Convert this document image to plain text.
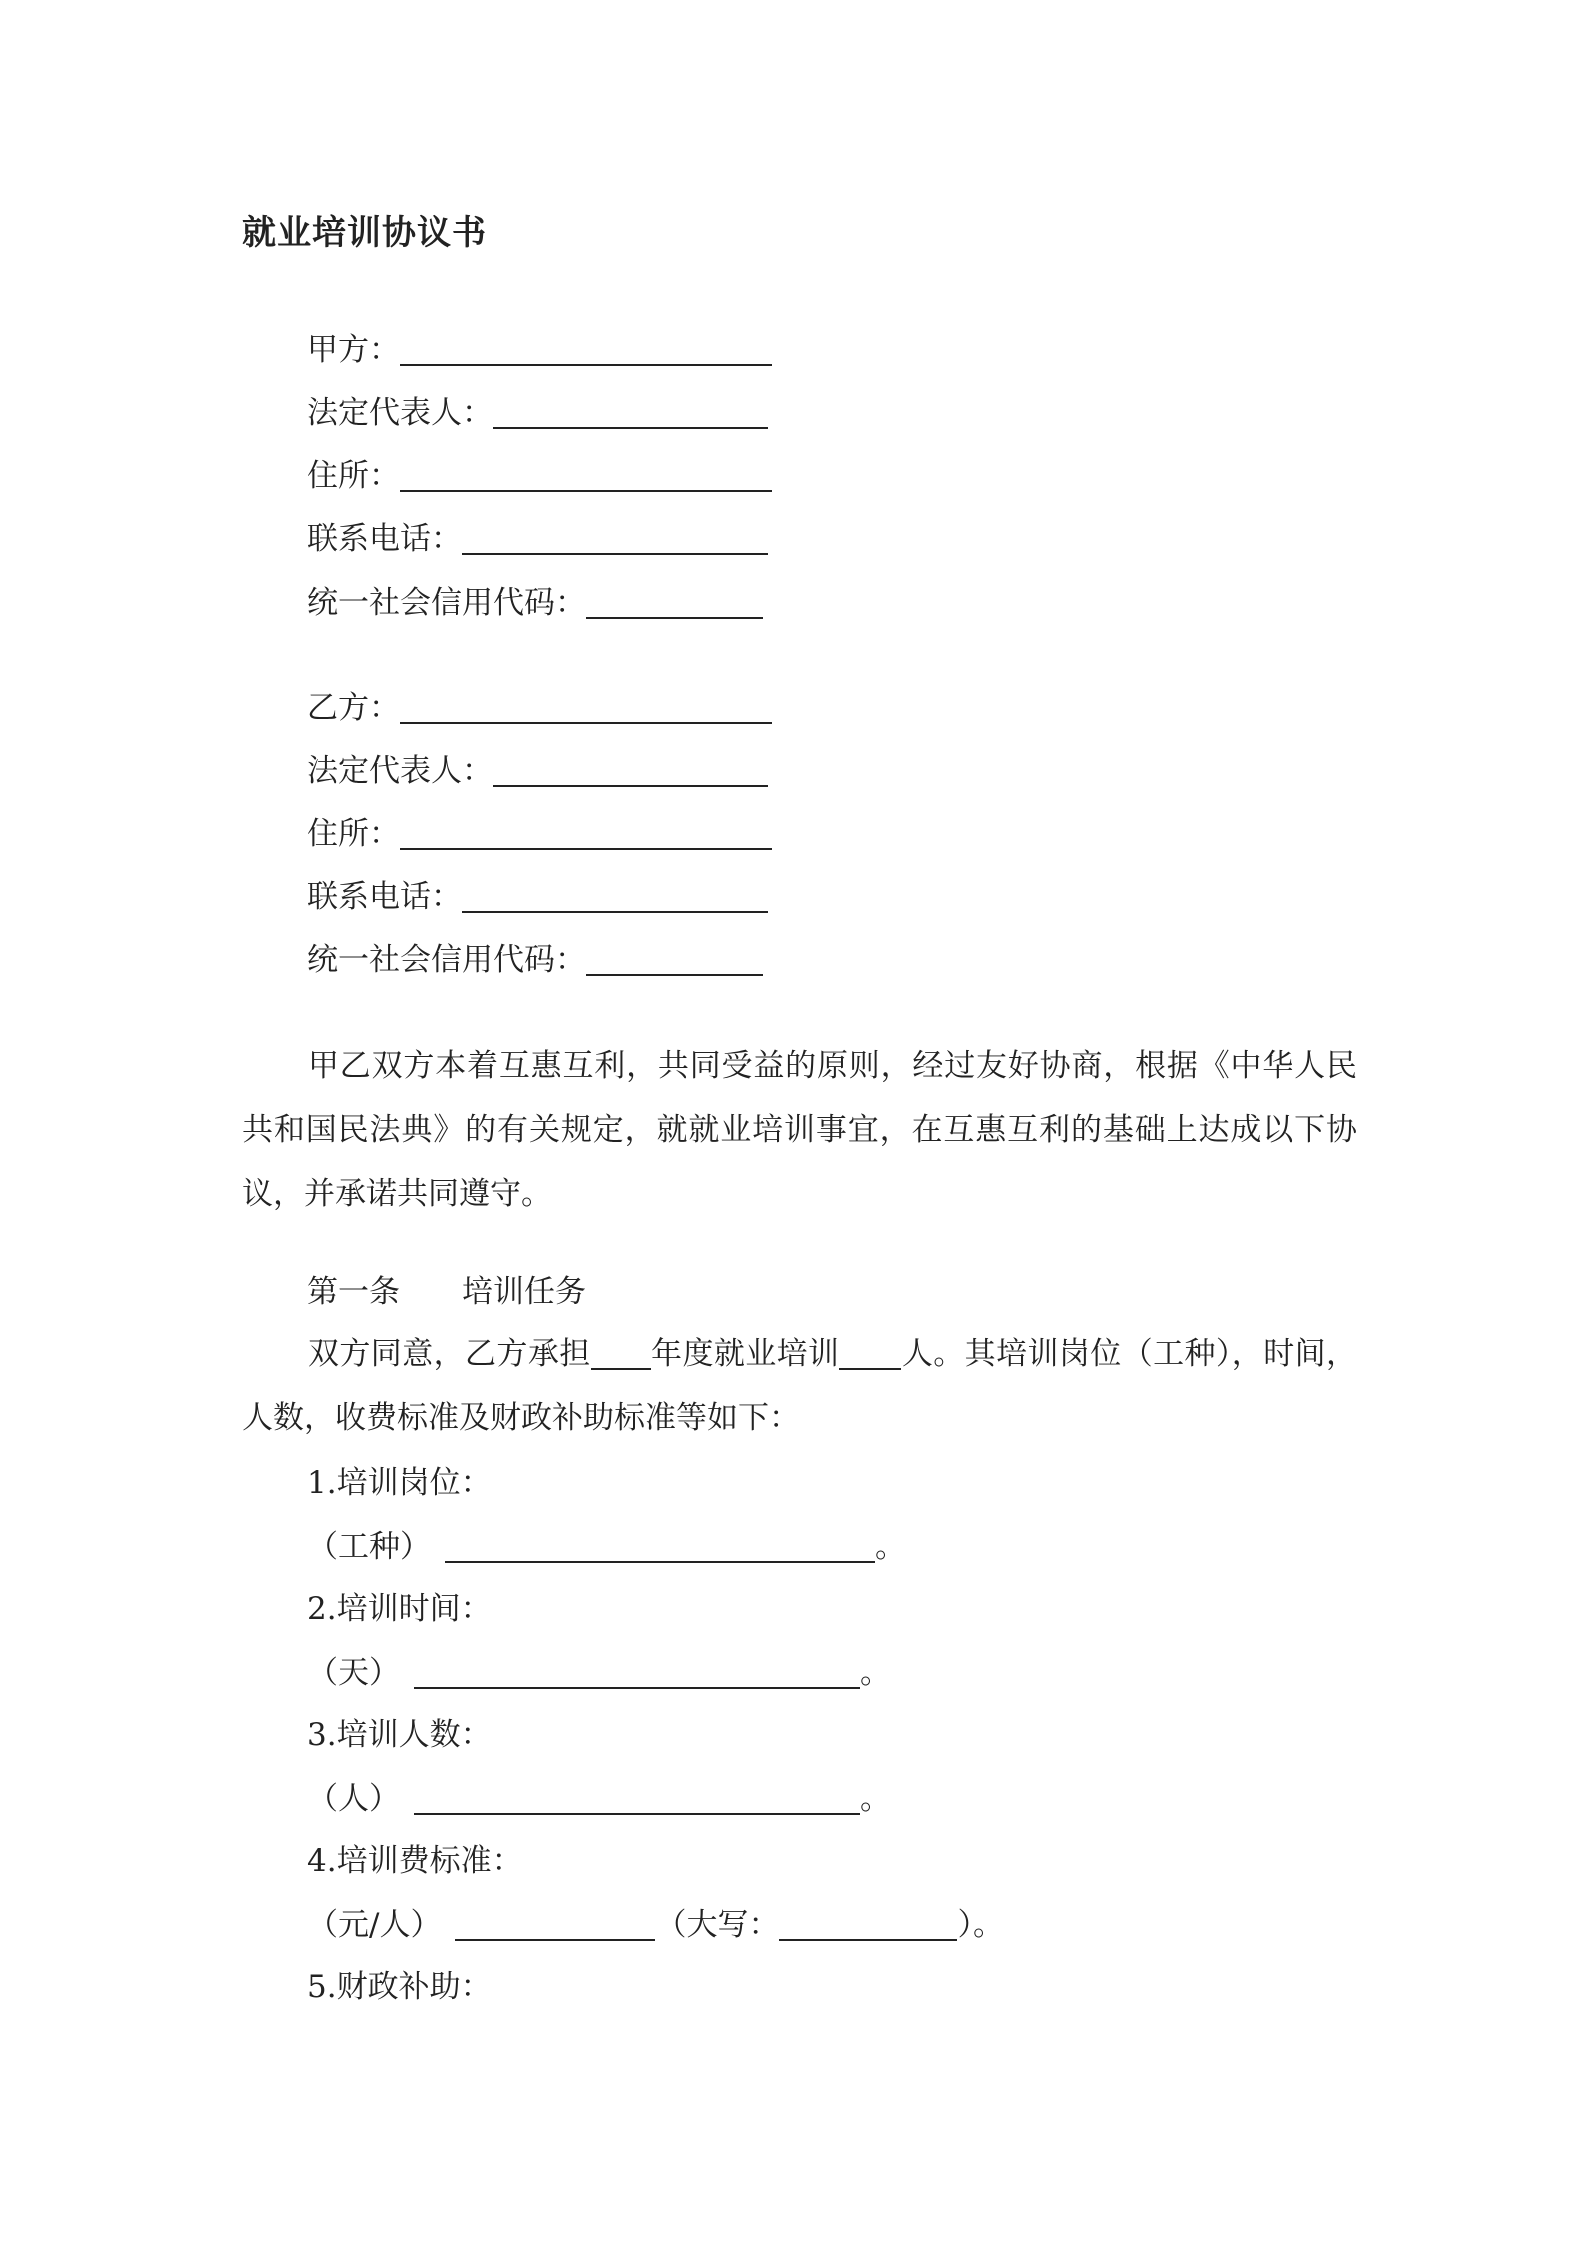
就业培训协议书
甲方：
法定代表人：
住所：
联系电话：
统一社会信用代码：
乙方：
法定代表人：
住所：
联系电话：
统一社会信用代码：
甲乙双方本着互惠互利，共同受益的原则，经过友好协商，根据《中华人民共和国民法典》的有关规定，就就业培训事宜，在互惠互利的基础上达成以下协议，并承诺共同遵守。
第一条 培训任务
双方同意，乙方承担 年度就业培训 人。其培训岗位（工种），时间，人数，收费标准及财政补助标准等如下：
1.培训岗位：
（工种）	。
2.培训时间：
（天）	。
3.培训人数：
（人）	。
4.培训费标准：
（元/人）	（大写：	）。
5.财政补助：
